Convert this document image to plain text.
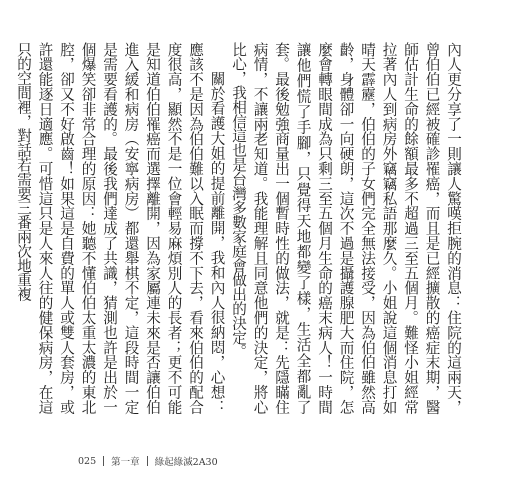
內人更分享了一則讓人驚嘆拒腕的消息：住院的這兩天，曾伯伯已經被確診罹癌，而且是已經擴散的癌症末期，醫師估計生命的餘額最多不超過三至五個月。難怪小姐經常拉著內人到病房外竊竊私語那麼久。小姐說這個消息打如晴天霹靂，伯伯的子女們完全無法接受，因為伯伯雖然高齡，身體卻一向硬朗，這次不過是攝護腺肥大而住院，怎麼會轉眼間成為只剩三至五個月生命的癌末病人！一時間讓他們慌了手腳，只覺得天地都變了樣，生活全都亂了套。最後勉強商量出一個暫時性的做法，就是：先隱瞞住病情，不讓兩老知道。我能理解且同意他們的決定，將心比心，我相信這也是台灣多數家庭會做出的決定。

關於看護大姐的提前離開，我和內人很納悶，心想：應該不是因為伯伯難以入眠而撐不下去，看來伯伯的配合度很高，顯然不是一位會輕易麻煩別人的長者；更不可能是知道伯伯罹癌而選擇離開，因為家屬連未來是否讓伯伯進入緩和病房（安寧病房）都還舉棋不定，這段時間一定是需要看護的。最後我們達成了共識，猜測也許是出於一個爆笑卻非常合理的原因：她聽不懂伯伯太重太濃的東北腔，卻又不好啟齒！如果這是自費的單人或雙人套房，或許還能逐日適應。可惜這只是人來人往的健保病房，在這只的空間裡，對話若需要三番兩次地重複

025 第一章 綠起綠滅2A30
